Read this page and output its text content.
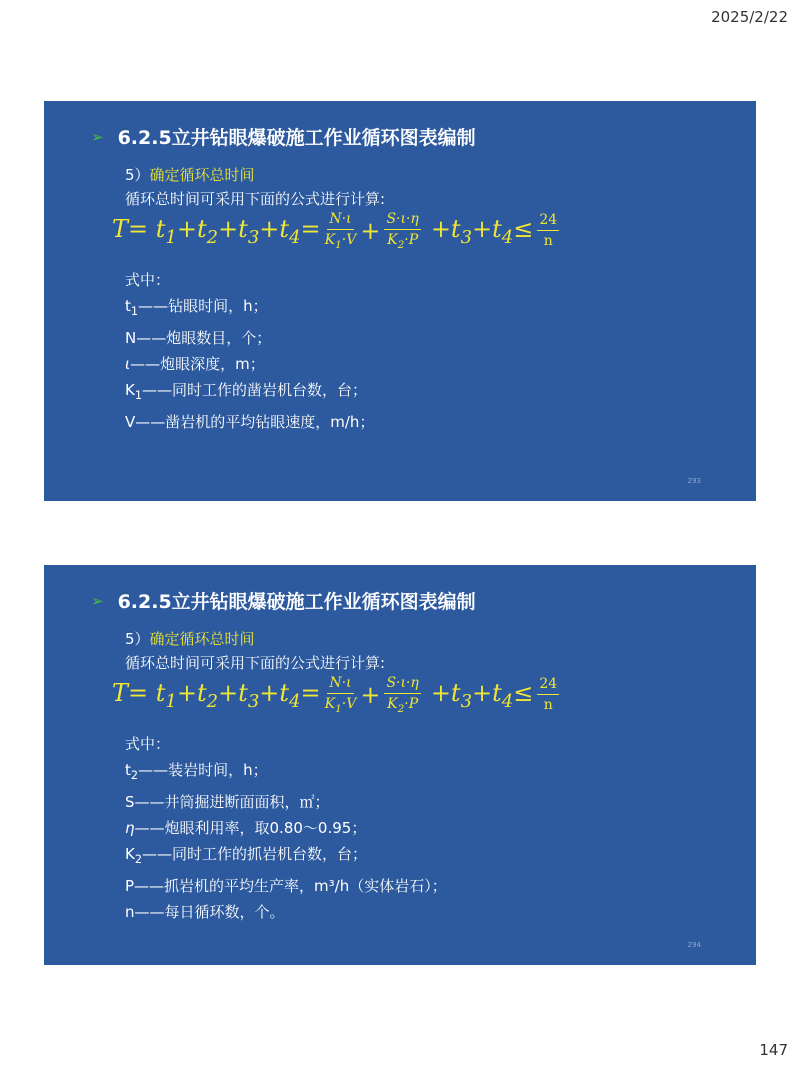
2025/2/22
➢ 6.2.5立井钻眼爆破施工作业循环图表编制
5）确定循环总时间
循环总时间可采用下面的公式进行计算:
$T= t_1+t_2+t_3+t_4= \frac{N\cdot\iota}{K_1\cdot V} + \frac{S\cdot\iota\cdot\eta}{K_2\cdot P} +t_3+t_4\le \frac{24}{n}$
式中：
$t_1——$钻眼时间，h；
N——炮眼数目，个；
ι——炮眼深度，m；
$K_1——$同时工作的凿岩机台数，台；
V——凿岩机的平均钻眼速度，m/h；
293
➢ 6.2.5立井钻眼爆破施工作业循环图表编制
5）确定循环总时间
循环总时间可采用下面的公式进行计算:
$T= t_1+t_2+t_3+t_4= \frac{N\cdot\iota}{K_1\cdot V} + \frac{S\cdot\iota\cdot\eta}{K_2\cdot P} +t_3+t_4\le \frac{24}{n}$
式中：
$t_2——$装岩时间，h；
S——井筒掘进断面面积，㎡；
η——炮眼利用率，取0.80～0.95；
$K_2——$同时工作的抓岩机台数，台；
P——抓岩机的平均生产率，m³/h（实体岩石）；
n——每日循环数，个。
294
147
